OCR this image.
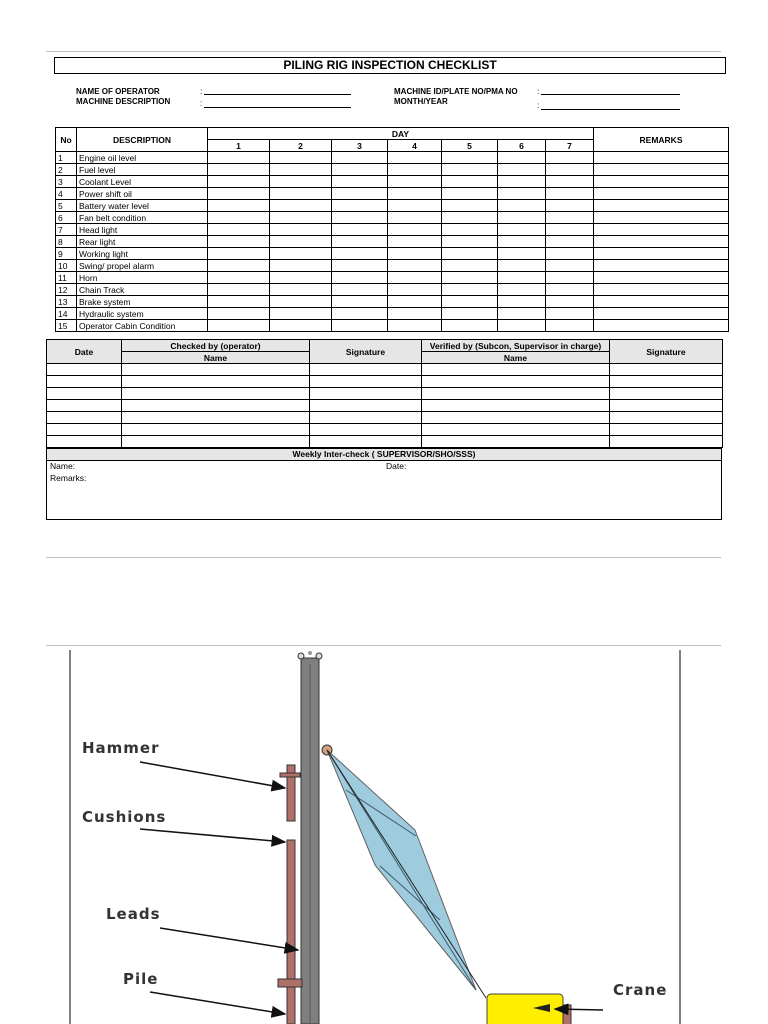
PILING RIG INSPECTION CHECKLIST
NAME OF OPERATOR
MACHINE DESCRIPTION
:
:
MACHINE ID/PLATE NO/PMA NO
MONTH/YEAR
:
:
No	DESCRIPTION	DAY							REMARKS
		1	2	3	4	5	6	7	
1	Engine oil level								
2	Fuel level								
3	Coolant Level								
4	Power shift oil								
5	Battery water level								
6	Fan belt condition								
7	Head light								
8	Rear light								
9	Working light								
10	Swing/ propel alarm								
11	Horn								
12	Chain Track								
13	Brake system								
14	Hydraulic system								
15	Operator Cabin Condition								
Date	Checked by (operator)	Signature	Verified by (Subcon, Supervisor in charge)	Signature
	Name		Name	

Weekly Inter-check ( SUPERVISOR/SHO/SSS)
Name:	Date:
Remarks:
Hammer
Cushions
Leads
Pile
Crane
